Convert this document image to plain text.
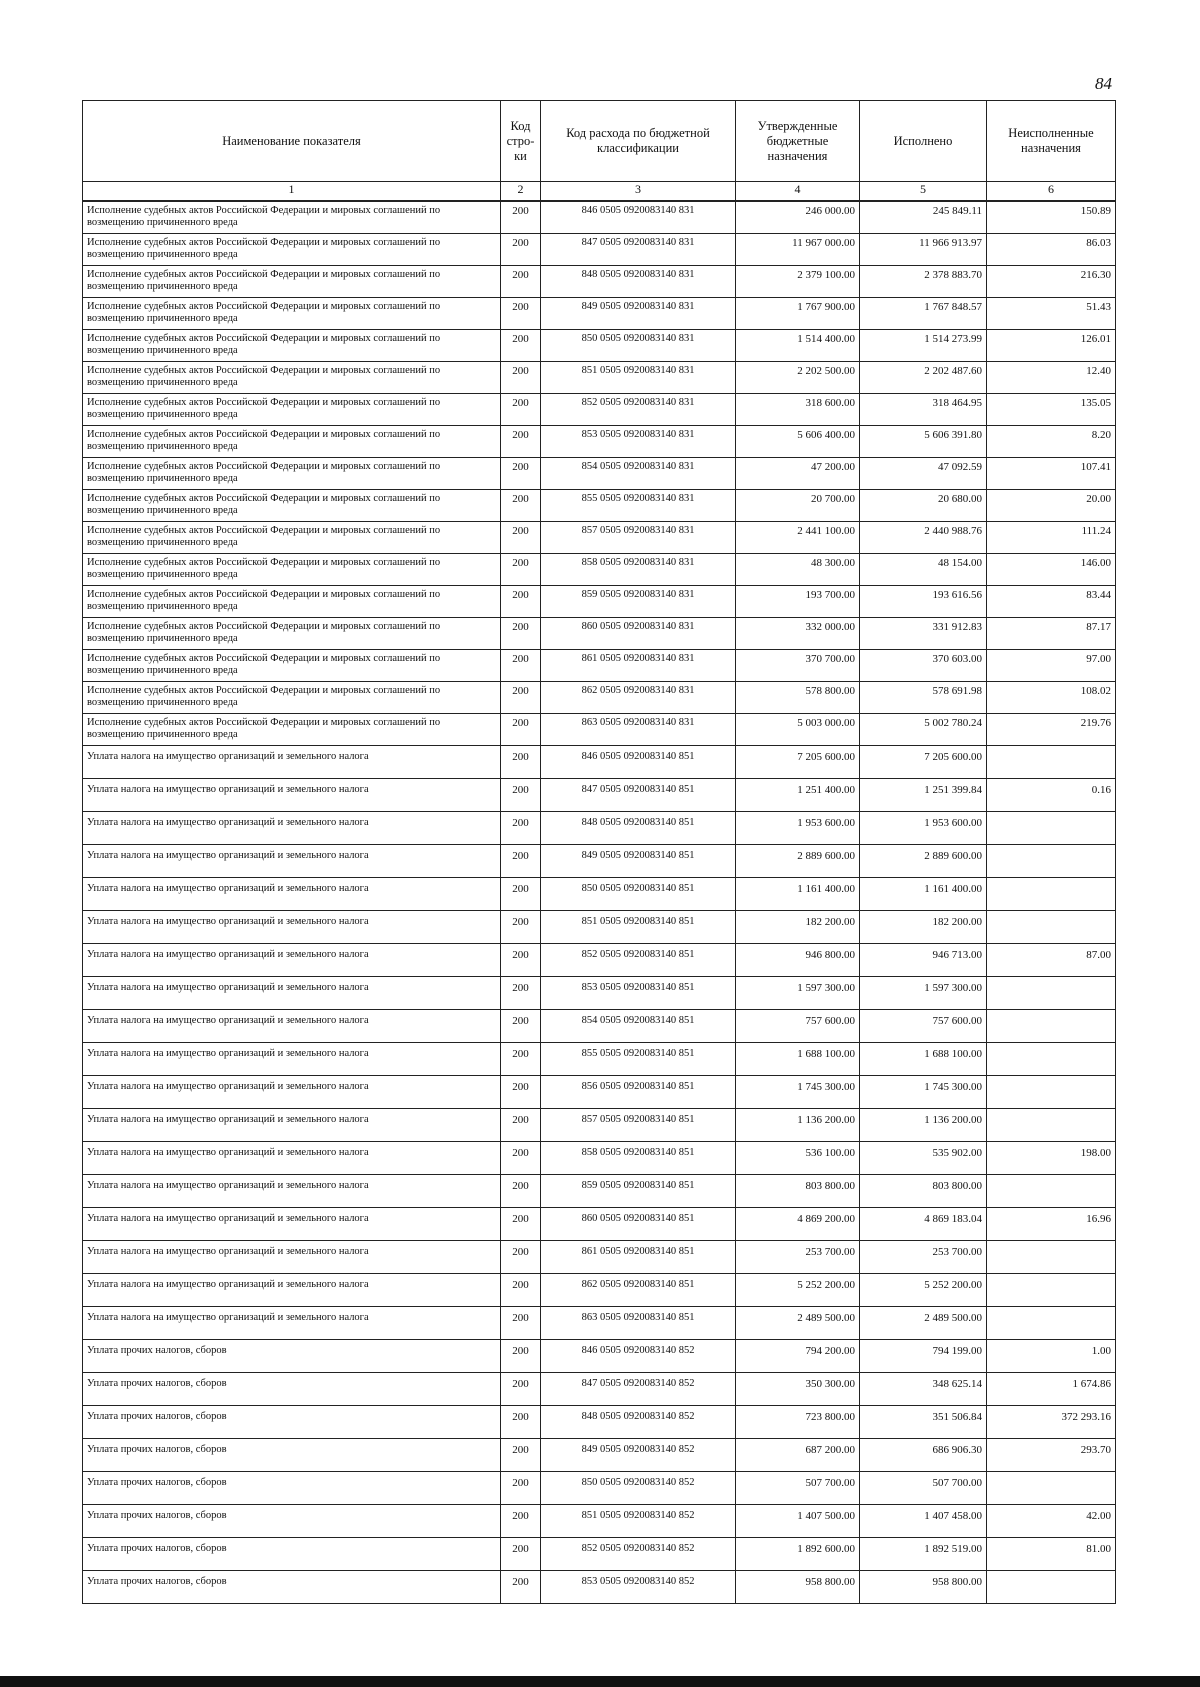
84
Наименование показателя	Код стро-ки	Код расхода по бюджетной классификации	Утвержденные бюджетные назначения	Исполнено	Неисполненные назначения
1	2	3	4	5	6
Исполнение судебных актов Российской Федерации и мировых соглашений по возмещению причиненного вреда	200	846 0505 0920083140 831	246 000.00	245 849.11	150.89
Исполнение судебных актов Российской Федерации и мировых соглашений по возмещению причиненного вреда	200	847 0505 0920083140 831	11 967 000.00	11 966 913.97	86.03
Исполнение судебных актов Российской Федерации и мировых соглашений по возмещению причиненного вреда	200	848 0505 0920083140 831	2 379 100.00	2 378 883.70	216.30
Исполнение судебных актов Российской Федерации и мировых соглашений по возмещению причиненного вреда	200	849 0505 0920083140 831	1 767 900.00	1 767 848.57	51.43
Исполнение судебных актов Российской Федерации и мировых соглашений по возмещению причиненного вреда	200	850 0505 0920083140 831	1 514 400.00	1 514 273.99	126.01
Исполнение судебных актов Российской Федерации и мировых соглашений по возмещению причиненного вреда	200	851 0505 0920083140 831	2 202 500.00	2 202 487.60	12.40
Исполнение судебных актов Российской Федерации и мировых соглашений по возмещению причиненного вреда	200	852 0505 0920083140 831	318 600.00	318 464.95	135.05
Исполнение судебных актов Российской Федерации и мировых соглашений по возмещению причиненного вреда	200	853 0505 0920083140 831	5 606 400.00	5 606 391.80	8.20
Исполнение судебных актов Российской Федерации и мировых соглашений по возмещению причиненного вреда	200	854 0505 0920083140 831	47 200.00	47 092.59	107.41
Исполнение судебных актов Российской Федерации и мировых соглашений по возмещению причиненного вреда	200	855 0505 0920083140 831	20 700.00	20 680.00	20.00
Исполнение судебных актов Российской Федерации и мировых соглашений по возмещению причиненного вреда	200	857 0505 0920083140 831	2 441 100.00	2 440 988.76	111.24
Исполнение судебных актов Российской Федерации и мировых соглашений по возмещению причиненного вреда	200	858 0505 0920083140 831	48 300.00	48 154.00	146.00
Исполнение судебных актов Российской Федерации и мировых соглашений по возмещению причиненного вреда	200	859 0505 0920083140 831	193 700.00	193 616.56	83.44
Исполнение судебных актов Российской Федерации и мировых соглашений по возмещению причиненного вреда	200	860 0505 0920083140 831	332 000.00	331 912.83	87.17
Исполнение судебных актов Российской Федерации и мировых соглашений по возмещению причиненного вреда	200	861 0505 0920083140 831	370 700.00	370 603.00	97.00
Исполнение судебных актов Российской Федерации и мировых соглашений по возмещению причиненного вреда	200	862 0505 0920083140 831	578 800.00	578 691.98	108.02
Исполнение судебных актов Российской Федерации и мировых соглашений по возмещению причиненного вреда	200	863 0505 0920083140 831	5 003 000.00	5 002 780.24	219.76
Уплата налога на имущество организаций и земельного налога	200	846 0505 0920083140 851	7 205 600.00	7 205 600.00	
Уплата налога на имущество организаций и земельного налога	200	847 0505 0920083140 851	1 251 400.00	1 251 399.84	0.16
Уплата налога на имущество организаций и земельного налога	200	848 0505 0920083140 851	1 953 600.00	1 953 600.00	
Уплата налога на имущество организаций и земельного налога	200	849 0505 0920083140 851	2 889 600.00	2 889 600.00	
Уплата налога на имущество организаций и земельного налога	200	850 0505 0920083140 851	1 161 400.00	1 161 400.00	
Уплата налога на имущество организаций и земельного налога	200	851 0505 0920083140 851	182 200.00	182 200.00	
Уплата налога на имущество организаций и земельного налога	200	852 0505 0920083140 851	946 800.00	946 713.00	87.00
Уплата налога на имущество организаций и земельного налога	200	853 0505 0920083140 851	1 597 300.00	1 597 300.00	
Уплата налога на имущество организаций и земельного налога	200	854 0505 0920083140 851	757 600.00	757 600.00	
Уплата налога на имущество организаций и земельного налога	200	855 0505 0920083140 851	1 688 100.00	1 688 100.00	
Уплата налога на имущество организаций и земельного налога	200	856 0505 0920083140 851	1 745 300.00	1 745 300.00	
Уплата налога на имущество организаций и земельного налога	200	857 0505 0920083140 851	1 136 200.00	1 136 200.00	
Уплата налога на имущество организаций и земельного налога	200	858 0505 0920083140 851	536 100.00	535 902.00	198.00
Уплата налога на имущество организаций и земельного налога	200	859 0505 0920083140 851	803 800.00	803 800.00	
Уплата налога на имущество организаций и земельного налога	200	860 0505 0920083140 851	4 869 200.00	4 869 183.04	16.96
Уплата налога на имущество организаций и земельного налога	200	861 0505 0920083140 851	253 700.00	253 700.00	
Уплата налога на имущество организаций и земельного налога	200	862 0505 0920083140 851	5 252 200.00	5 252 200.00	
Уплата налога на имущество организаций и земельного налога	200	863 0505 0920083140 851	2 489 500.00	2 489 500.00	
Уплата прочих налогов, сборов	200	846 0505 0920083140 852	794 200.00	794 199.00	1.00
Уплата прочих налогов, сборов	200	847 0505 0920083140 852	350 300.00	348 625.14	1 674.86
Уплата прочих налогов, сборов	200	848 0505 0920083140 852	723 800.00	351 506.84	372 293.16
Уплата прочих налогов, сборов	200	849 0505 0920083140 852	687 200.00	686 906.30	293.70
Уплата прочих налогов, сборов	200	850 0505 0920083140 852	507 700.00	507 700.00	
Уплата прочих налогов, сборов	200	851 0505 0920083140 852	1 407 500.00	1 407 458.00	42.00
Уплата прочих налогов, сборов	200	852 0505 0920083140 852	1 892 600.00	1 892 519.00	81.00
Уплата прочих налогов, сборов	200	853 0505 0920083140 852	958 800.00	958 800.00	
